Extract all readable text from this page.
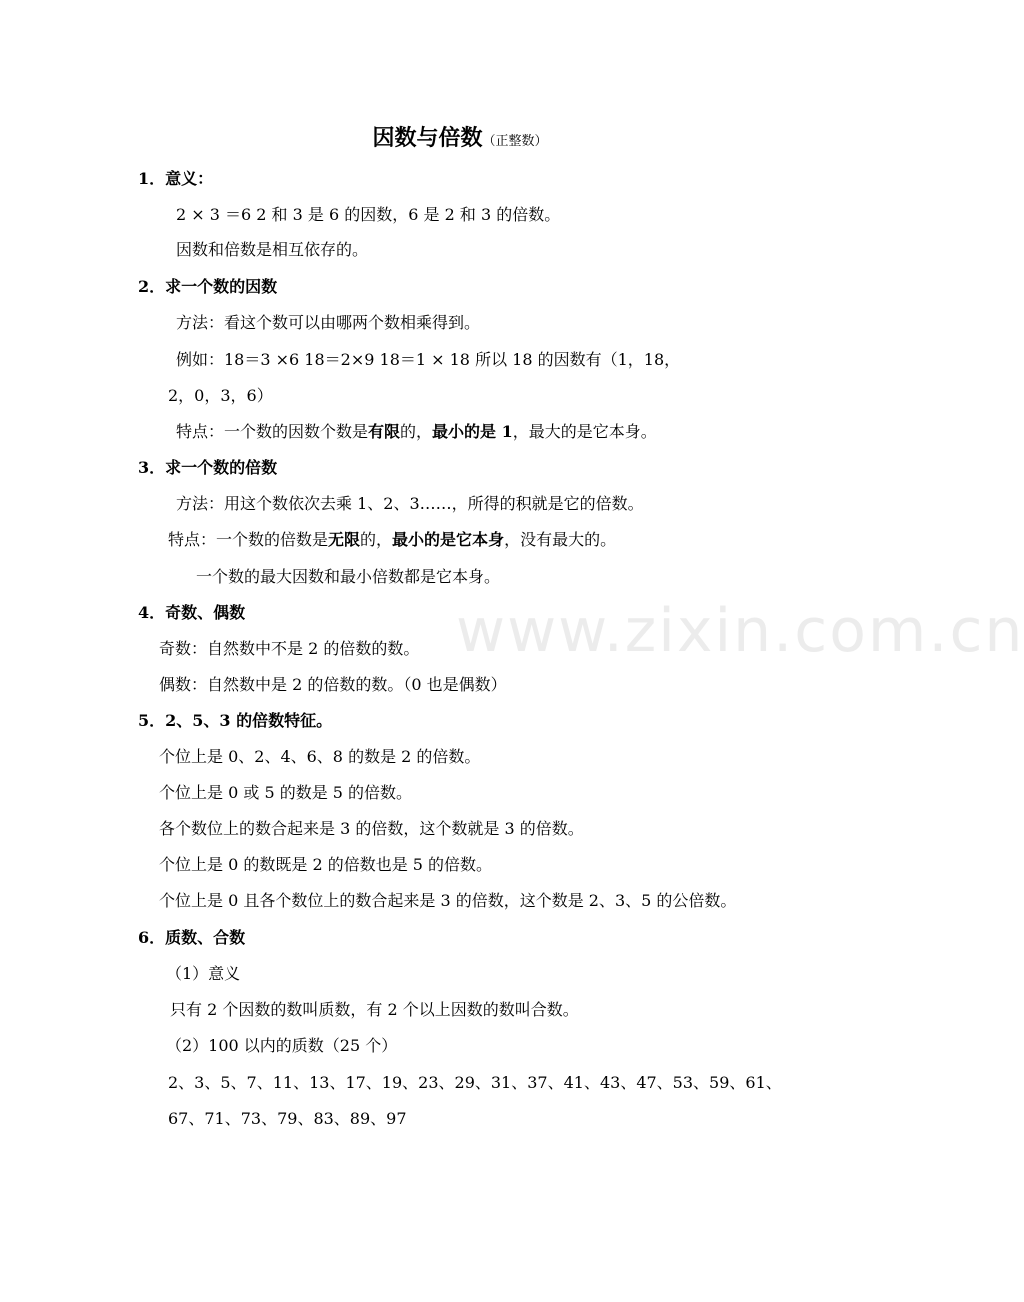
www.zixin.com.cn
因数与倍数（正整数）
1．意义：
2 × 3 ＝6 2 和 3 是 6 的因数，6 是 2 和 3 的倍数。
因数和倍数是相互依存的。
2．求一个数的因数
方法：看这个数可以由哪两个数相乘得到。
例如：18＝3 ×6 18＝2×9 18＝1 × 18 所以 18 的因数有（1，18，
2，0，3，6）
特点：一个数的因数个数是有限的，最小的是 1，最大的是它本身。
3．求一个数的倍数
方法：用这个数依次去乘 1、2、3……，所得的积就是它的倍数。
特点：一个数的倍数是无限的，最小的是它本身，没有最大的。
一个数的最大因数和最小倍数都是它本身。
4．奇数、偶数
奇数：自然数中不是 2 的倍数的数。
偶数：自然数中是 2 的倍数的数。（0 也是偶数）
5．2、5、3 的倍数特征。
个位上是 0、2、4、6、8 的数是 2 的倍数。
个位上是 0 或 5 的数是 5 的倍数。
各个数位上的数合起来是 3 的倍数，这个数就是 3 的倍数。
个位上是 0 的数既是 2 的倍数也是 5 的倍数。
个位上是 0 且各个数位上的数合起来是 3 的倍数，这个数是 2、3、5 的公倍数。
6．质数、合数
（1）意义
只有 2 个因数的数叫质数，有 2 个以上因数的数叫合数。
（2）100 以内的质数（25 个）
2、3、5、7、11、13、17、19、23、29、31、37、41、43、47、53、59、61、
67、71、73、79、83、89、97
